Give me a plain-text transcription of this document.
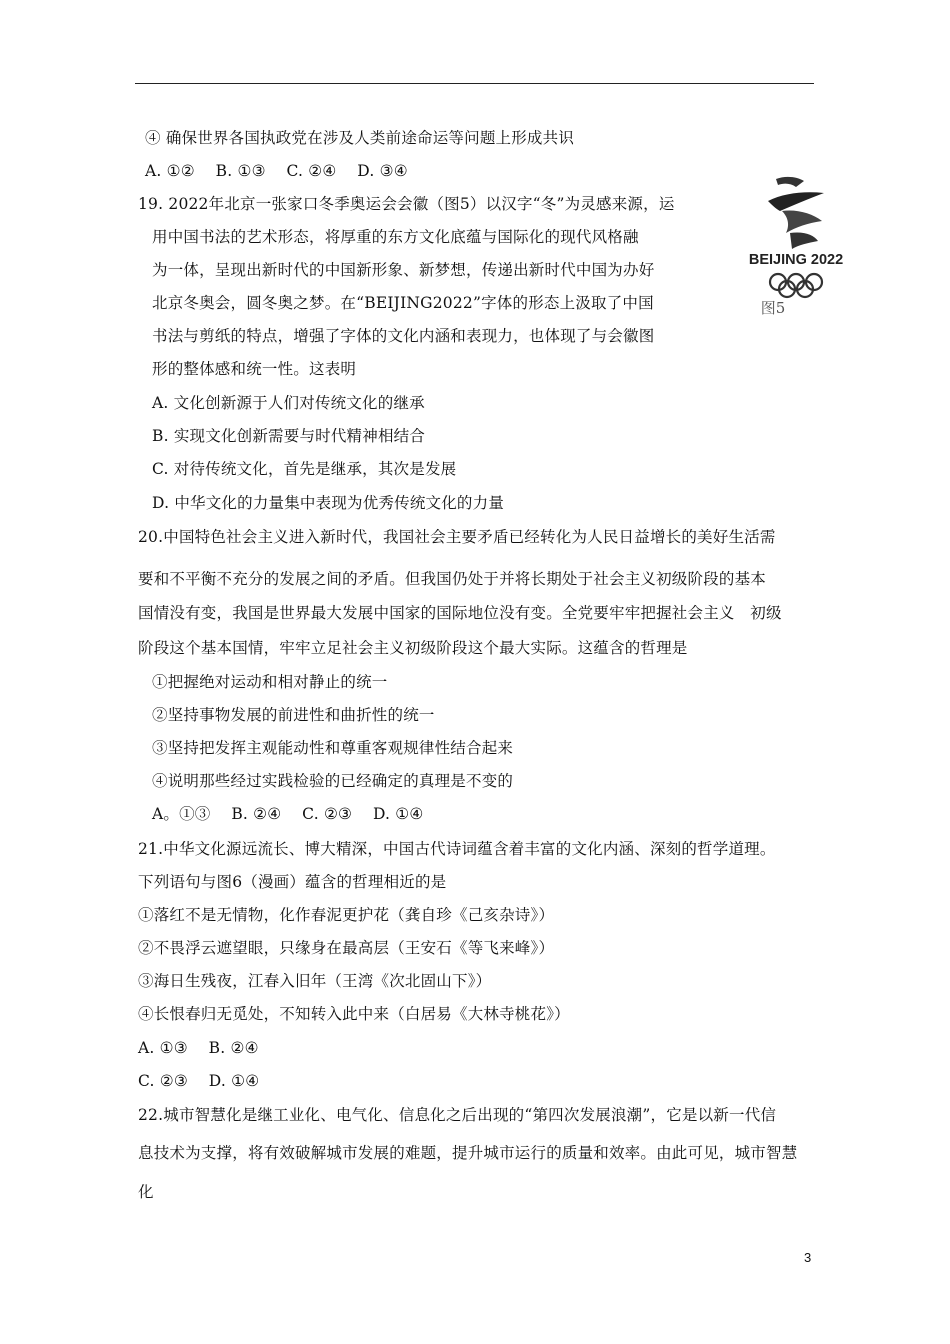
④ 确保世界各国执政党在涉及人类前途命运等问题上形成共识
A. ①②　 B. ①③　 C. ②④　 D. ③④
19. 2022年北京一张家口冬季奥运会会徽（图5）以汉字“冬”为灵感来源，运
用中国书法的艺术形态，将厚重的东方文化底蕴与国际化的现代风格融
为一体，呈现出新时代的中国新形象、新梦想，传递出新时代中国为办好
北京冬奥会，圆冬奥之梦。在“BEIJING2022”字体的形态上汲取了中国
书法与剪纸的特点，增强了字体的文化内涵和表现力，也体现了与会徽图
形的整体感和统一性。这表明
A. 文化创新源于人们对传统文化的继承
B. 实现文化创新需要与时代精神相结合
C. 对待传统文化，首先是继承，其次是发展
D. 中华文化的力量集中表现为优秀传统文化的力量
20.中国特色社会主义进入新时代，我国社会主要矛盾已经转化为人民日益增长的美好生活需
要和不平衡不充分的发展之间的矛盾。但我国仍处于并将长期处于社会主义初级阶段的基本
国情没有变，我国是世界最大发展中国家的国际地位没有变。全党要牢牢把握社会主义　初级
阶段这个基本国情，牢牢立足社会主义初级阶段这个最大实际。这蕴含的哲理是
①把握绝对运动和相对静止的统一
②坚持事物发展的前进性和曲折性的统一
③坚持把发挥主观能动性和尊重客观规律性结合起来
④说明那些经过实践检验的已经确定的真理是不变的
A。①③　 B. ②④　 C. ②③　 D. ①④
21.中华文化源远流长、博大精深，中国古代诗词蕴含着丰富的文化内涵、深刻的哲学道理。
下列语句与图6（漫画）蕴含的哲理相近的是
①落红不是无情物，化作春泥更护花（龚自珍《己亥杂诗》）
②不畏浮云遮望眼，只缘身在最高层（王安石《等飞来峰》）
③海日生残夜，江春入旧年（王湾《次北固山下》）
④长恨春归无觅处，不知转入此中来（白居易《大林寺桃花》）
A. ①③　 B. ②④
C. ②③　 D. ①④
22.城市智慧化是继工业化、电气化、信息化之后出现的“第四次发展浪潮”，它是以新一代信
息技术为支撑，将有效破解城市发展的难题，提升城市运行的质量和效率。由此可见，城市智慧
化
BEIJING 2022
图5
3
